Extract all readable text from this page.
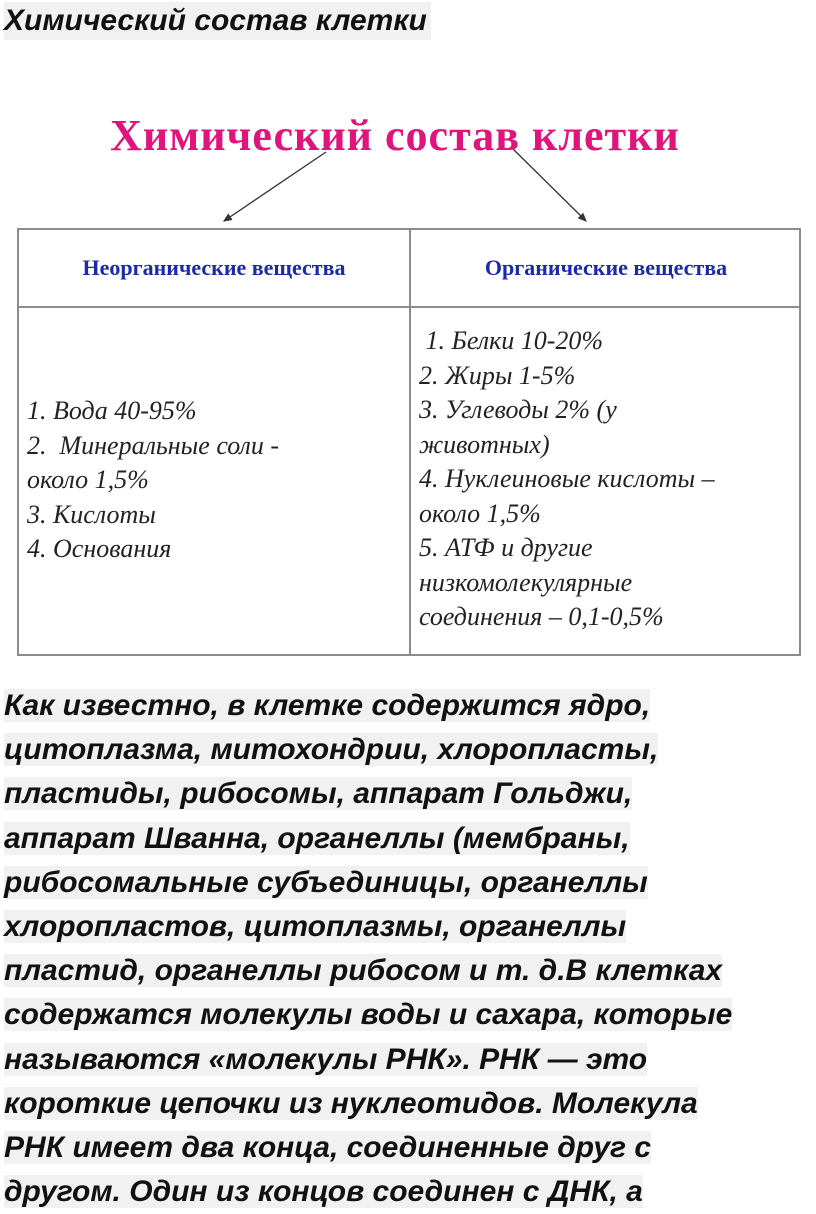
Химический состав клетки
Химический состав клетки
Неорганические вещества	Органические вещества
1. Вода 40-95%
2.  Минеральные соли -
около 1,5%
3. Кислоты
4. Основания
1. Белки 10-20%
2. Жиры 1-5%
3. Углеводы 2% (у
животных)
4. Нуклеиновые кислоты –
около 1,5%
5. АТФ и другие
низкомолекулярные
соединения – 0,1-0,5%

Как известно, в клетке содержится ядро,
цитоплазма, митохондрии, хлоропласты,
пластиды, рибосомы, аппарат Гольджи,
аппарат Шванна, органеллы (мембраны,
рибосомальные субъединицы, органеллы
хлоропластов, цитоплазмы, органеллы
пластид, органеллы рибосом и т. д.В клетках
содержатся молекулы воды и сахара, которые
называются «молекулы РНК». РНК — это
короткие цепочки из нуклеотидов. Молекула
РНК имеет два конца, соединенные друг с
другом. Один из концов соединен с ДНК, а
